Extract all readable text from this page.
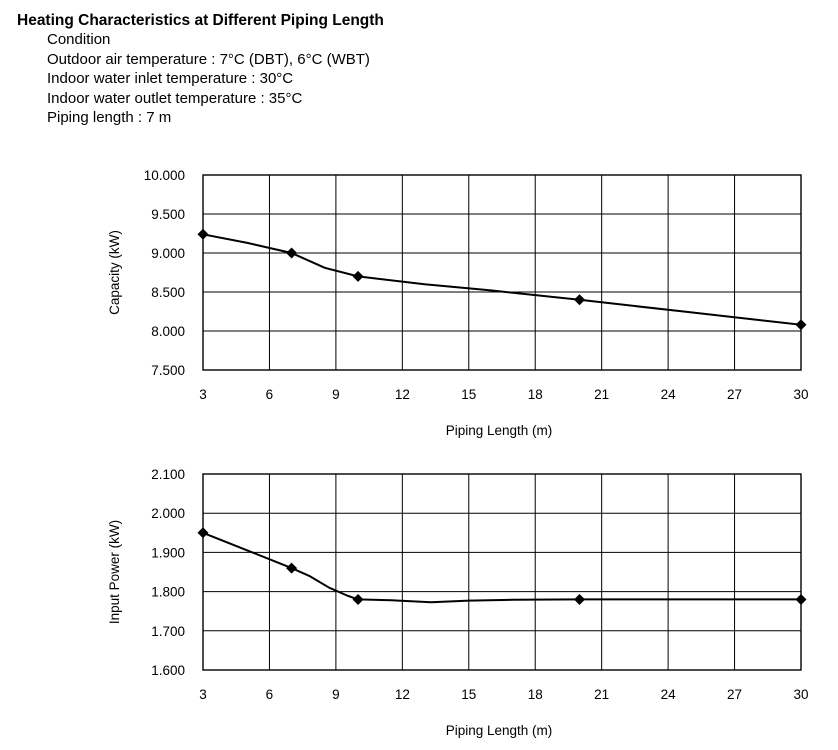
Heating Characteristics at Different Piping Length
Condition
Outdoor air temperature : 7°C (DBT), 6°C (WBT)
Indoor water inlet temperature : 30°C
Indoor water outlet temperature : 35°C
Piping length : 7 m
3	6	9	12	15	18	21	24	27	30
7.500
8.000
8.500
9.000
9.500
10.000
Piping Length (m)
Capacity (kW)
3	6	9	12	15	18	21	24	27	30
1.600
1.700
1.800
1.900
2.000
2.100
Piping Length (m)
Input Power (kW)
